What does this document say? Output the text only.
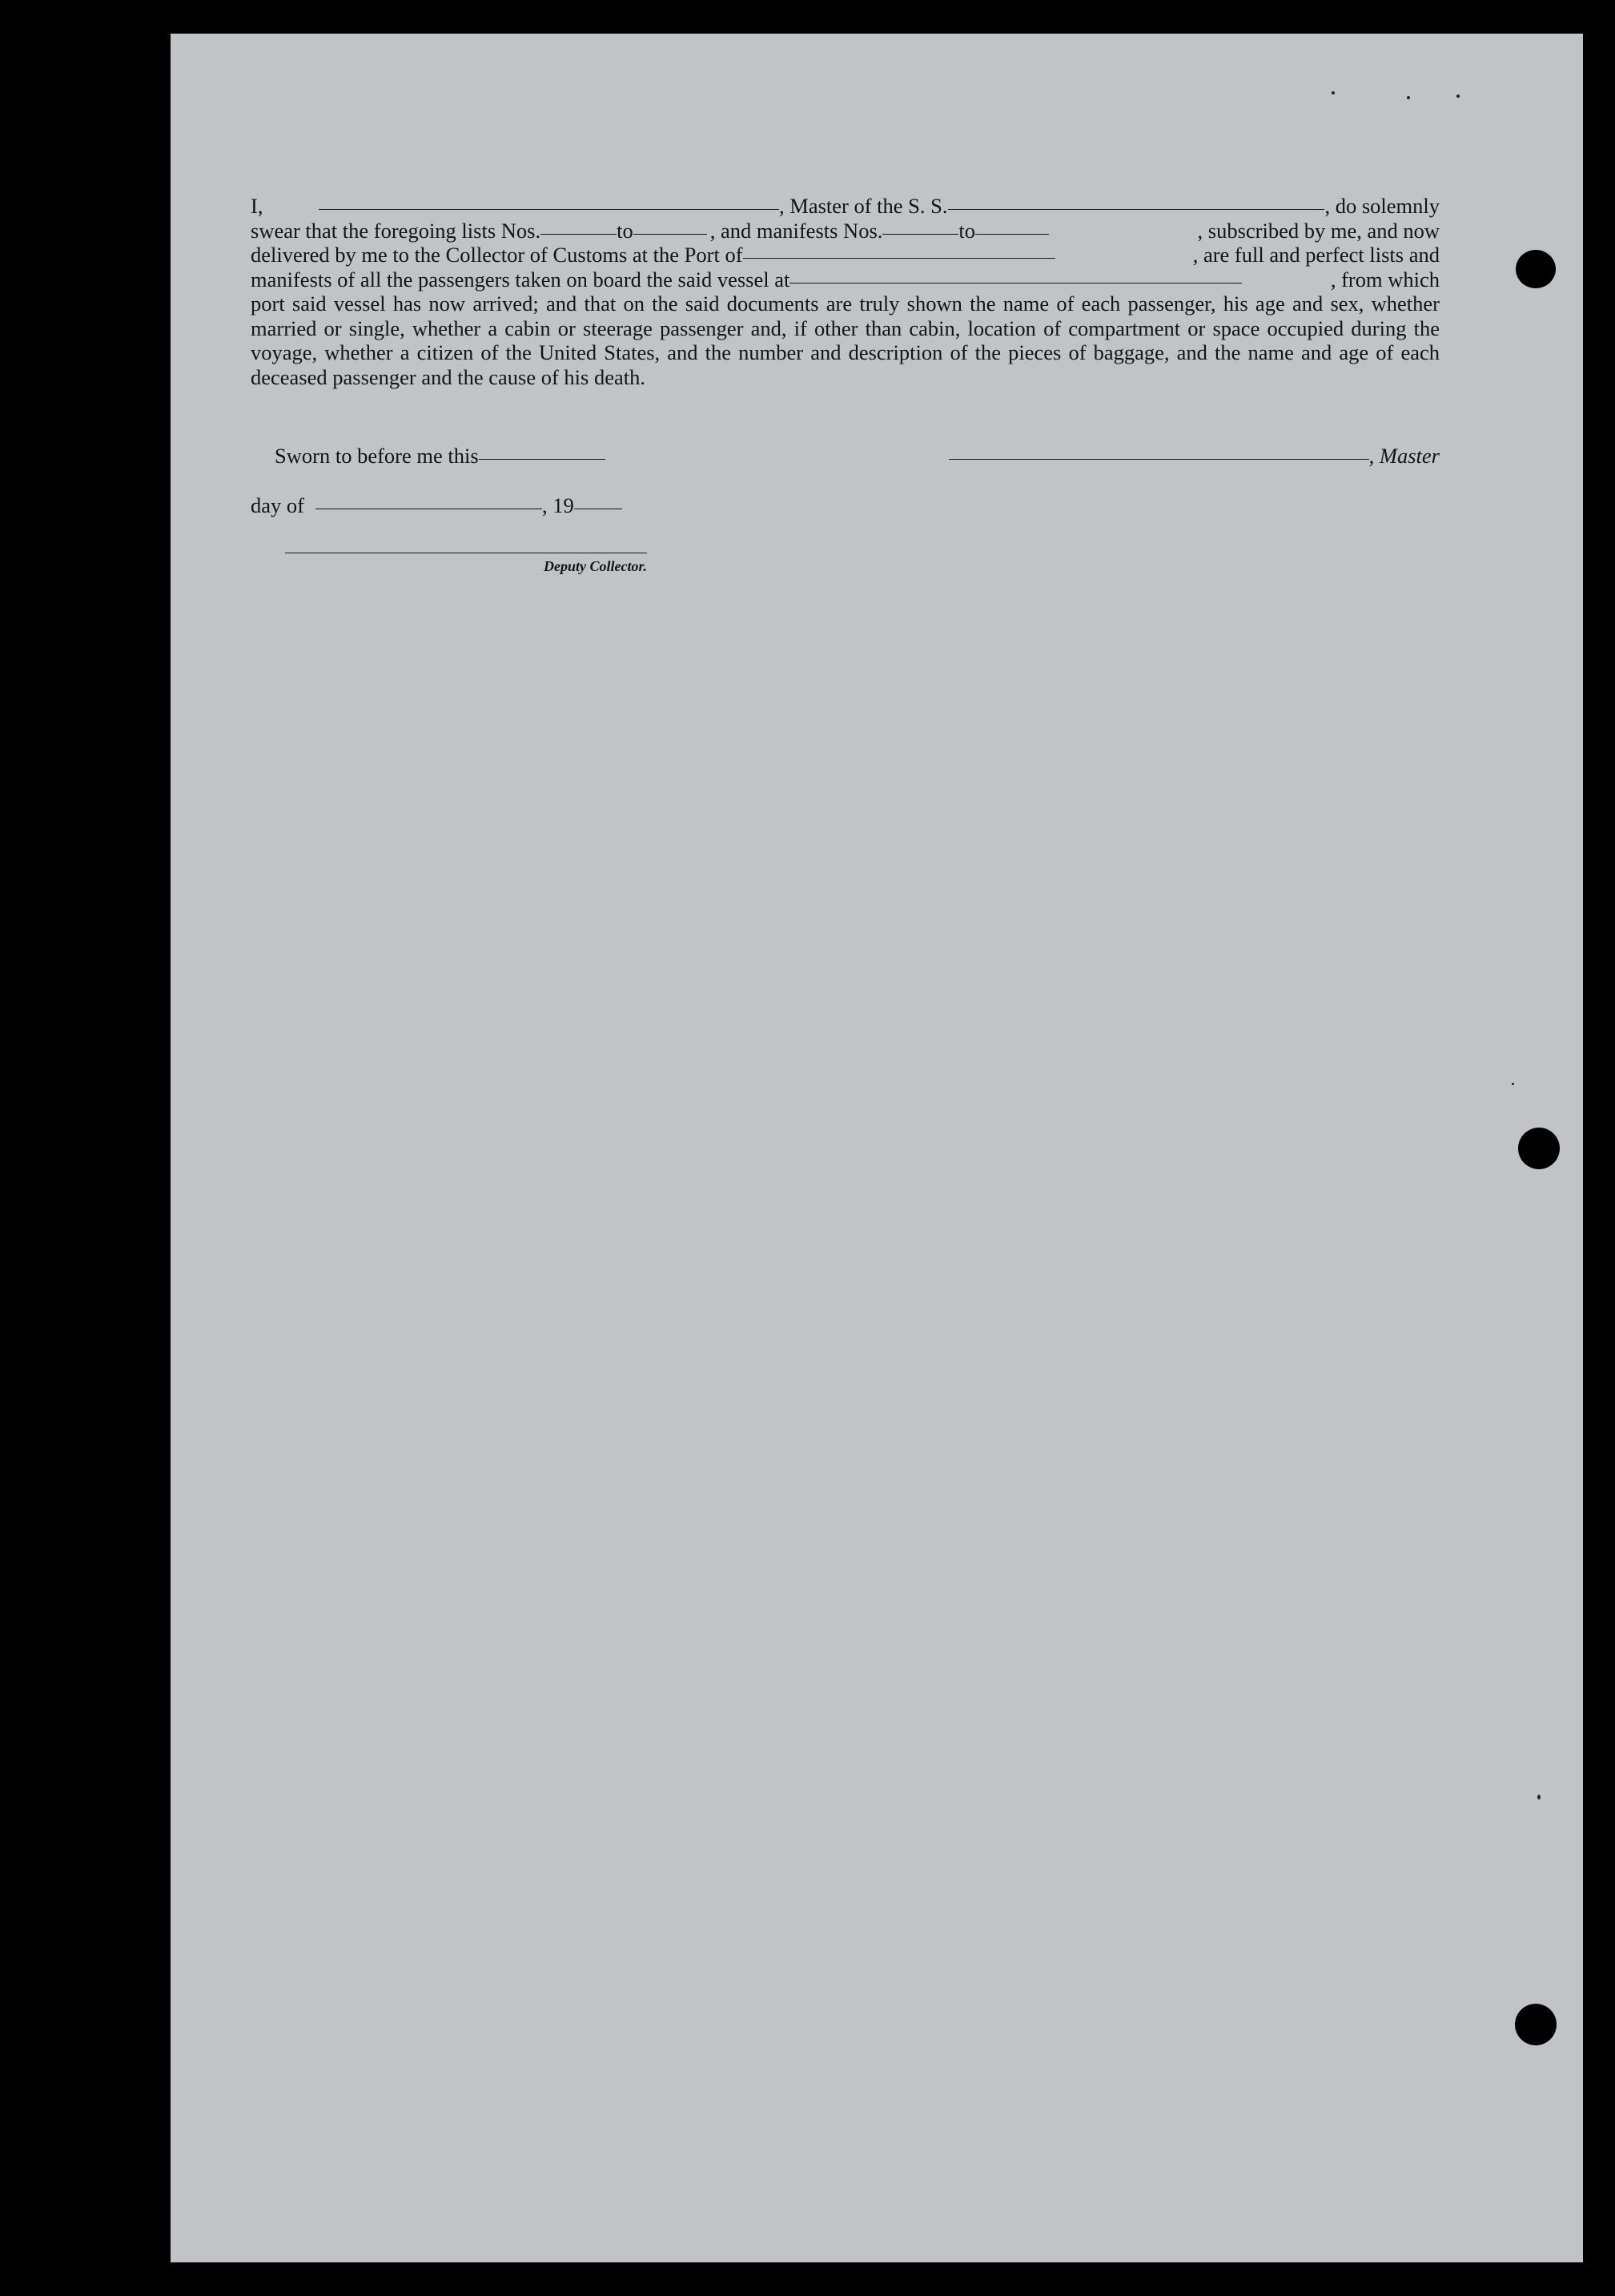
I,	, Master of the S. S.	, do solemnly
swear that the foregoing lists Nos.	to	, and manifests Nos.	to	, subscribed by me, and now
delivered by me to the Collector of Customs at the Port of	, are full and perfect lists and
manifests of all the passengers taken on board the said vessel at	, from which

port said vessel has now arrived; and that on the said documents are truly shown the name of each passenger, his age and sex, whether married or single, whether a cabin or steerage passenger and, if other than cabin, location of compartment or space occupied during the voyage, whether a citizen of the United States, and the number and description of the pieces of baggage, and the name and age of each deceased passenger and the cause of his death.

Sworn to before me this	, Master
day of	, 19
Deputy Collector.
